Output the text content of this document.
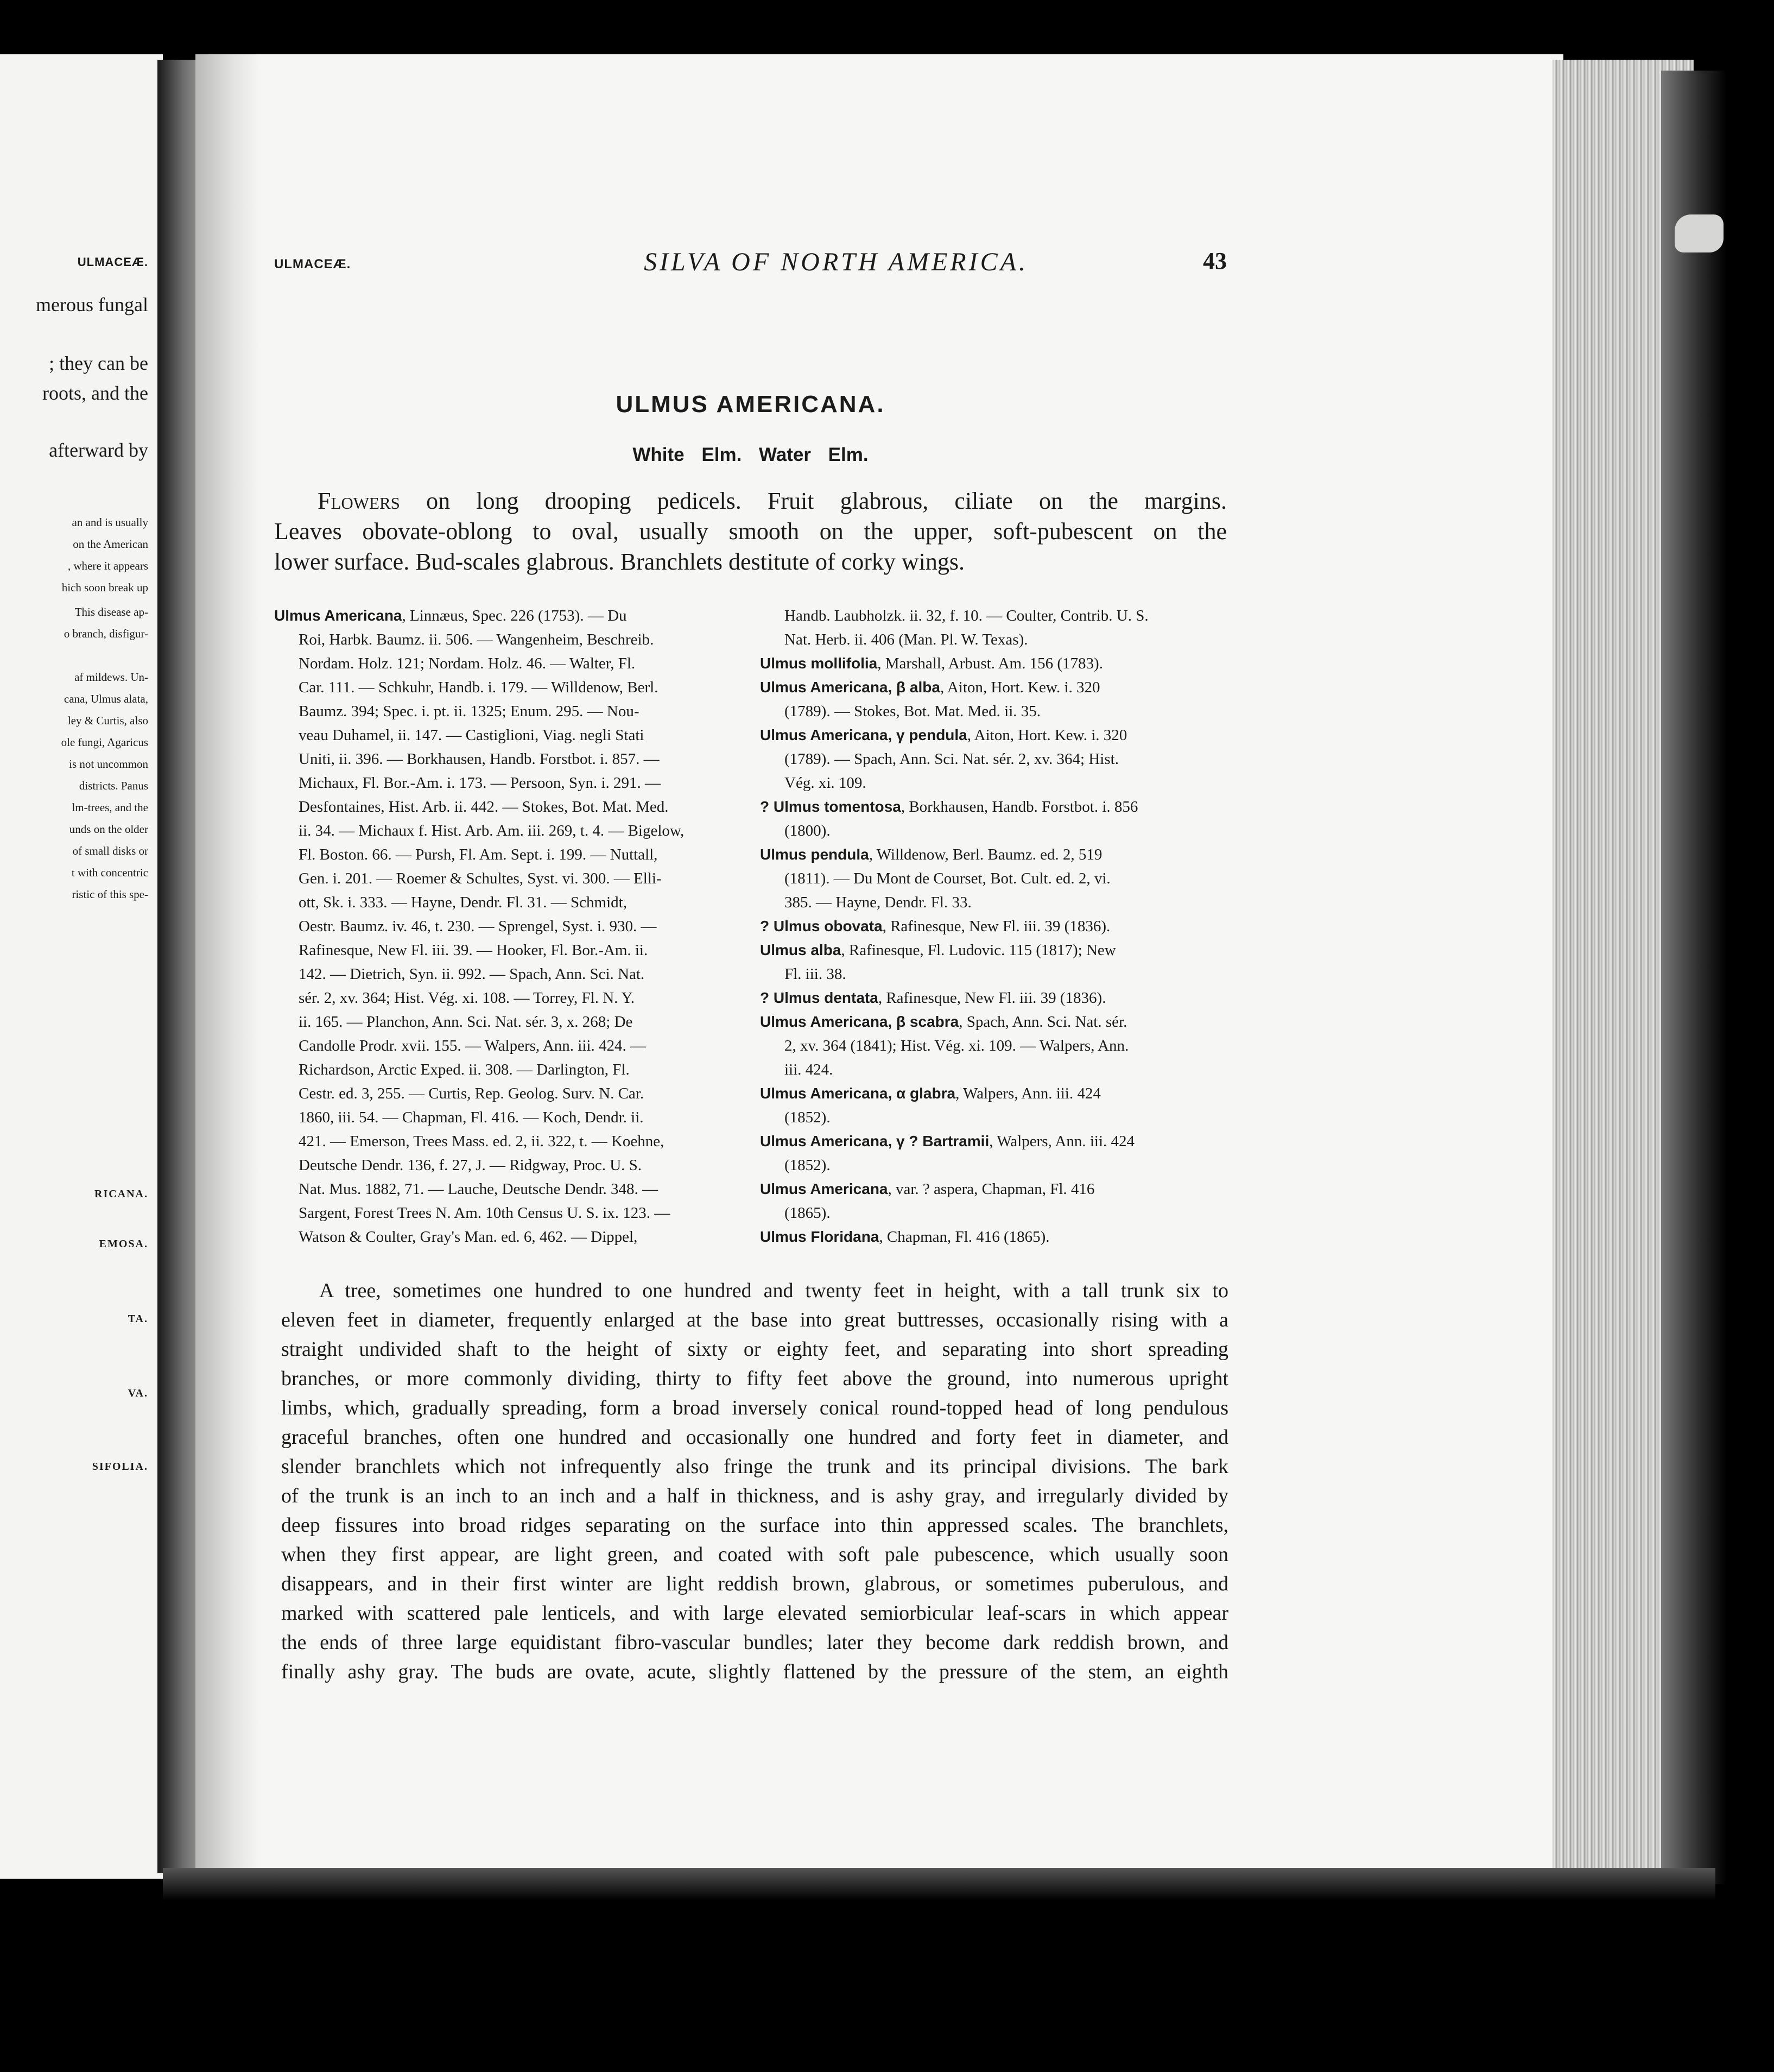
ULMACEÆ.
merous fungal
; they can be
roots, and the
afterward by
an and is usually
on the American
, where it appears
hich soon break up
This disease ap-
o branch, disfigur-
af mildews. Un-
cana, Ulmus alata,
ley & Curtis, also
ole fungi, Agaricus
is not uncommon
districts. Panus
lm-trees, and the
unds on the older
of small disks or
t with concentric
ristic of this spe-
RICANA.
EMOSA.
TA.
VA.
SIFOLIA.
ULMACEÆ.	SILVA OF NORTH AMERICA.	43
ULMUS AMERICANA.
White Elm. Water Elm.
Flowers on long drooping pedicels. Fruit glabrous, ciliate on the margins.
Leaves obovate-oblong to oval, usually smooth on the upper, soft-pubescent on the
lower surface. Bud-scales glabrous. Branchlets destitute of corky wings.
Ulmus Americana, Linnæus, Spec. 226 (1753). — Du
Roi, Harbk. Baumz. ii. 506. — Wangenheim, Beschreib.
Nordam. Holz. 121; Nordam. Holz. 46. — Walter, Fl.
Car. 111. — Schkuhr, Handb. i. 179. — Willdenow, Berl.
Baumz. 394; Spec. i. pt. ii. 1325; Enum. 295. — Nou-
veau Duhamel, ii. 147. — Castiglioni, Viag. negli Stati
Uniti, ii. 396. — Borkhausen, Handb. Forstbot. i. 857. —
Michaux, Fl. Bor.-Am. i. 173. — Persoon, Syn. i. 291. —
Desfontaines, Hist. Arb. ii. 442. — Stokes, Bot. Mat. Med.
ii. 34. — Michaux f. Hist. Arb. Am. iii. 269, t. 4. — Bigelow,
Fl. Boston. 66. — Pursh, Fl. Am. Sept. i. 199. — Nuttall,
Gen. i. 201. — Roemer & Schultes, Syst. vi. 300. — Elli-
ott, Sk. i. 333. — Hayne, Dendr. Fl. 31. — Schmidt,
Oestr. Baumz. iv. 46, t. 230. — Sprengel, Syst. i. 930. —
Rafinesque, New Fl. iii. 39. — Hooker, Fl. Bor.-Am. ii.
142. — Dietrich, Syn. ii. 992. — Spach, Ann. Sci. Nat.
sér. 2, xv. 364; Hist. Vég. xi. 108. — Torrey, Fl. N. Y.
ii. 165. — Planchon, Ann. Sci. Nat. sér. 3, x. 268; De
Candolle Prodr. xvii. 155. — Walpers, Ann. iii. 424. —
Richardson, Arctic Exped. ii. 308. — Darlington, Fl.
Cestr. ed. 3, 255. — Curtis, Rep. Geolog. Surv. N. Car.
1860, iii. 54. — Chapman, Fl. 416. — Koch, Dendr. ii.
421. — Emerson, Trees Mass. ed. 2, ii. 322, t. — Koehne,
Deutsche Dendr. 136, f. 27, J. — Ridgway, Proc. U. S.
Nat. Mus. 1882, 71. — Lauche, Deutsche Dendr. 348. —
Sargent, Forest Trees N. Am. 10th Census U. S. ix. 123. —
Watson & Coulter, Gray's Man. ed. 6, 462. — Dippel,
Handb. Laubholzk. ii. 32, f. 10. — Coulter, Contrib. U. S.
Nat. Herb. ii. 406 (Man. Pl. W. Texas).
Ulmus mollifolia, Marshall, Arbust. Am. 156 (1783).
Ulmus Americana, β alba, Aiton, Hort. Kew. i. 320
(1789). — Stokes, Bot. Mat. Med. ii. 35.
Ulmus Americana, γ pendula, Aiton, Hort. Kew. i. 320
(1789). — Spach, Ann. Sci. Nat. sér. 2, xv. 364; Hist.
Vég. xi. 109.
? Ulmus tomentosa, Borkhausen, Handb. Forstbot. i. 856
(1800).
Ulmus pendula, Willdenow, Berl. Baumz. ed. 2, 519
(1811). — Du Mont de Courset, Bot. Cult. ed. 2, vi.
385. — Hayne, Dendr. Fl. 33.
? Ulmus obovata, Rafinesque, New Fl. iii. 39 (1836).
Ulmus alba, Rafinesque, Fl. Ludovic. 115 (1817); New
Fl. iii. 38.
? Ulmus dentata, Rafinesque, New Fl. iii. 39 (1836).
Ulmus Americana, β scabra, Spach, Ann. Sci. Nat. sér.
2, xv. 364 (1841); Hist. Vég. xi. 109. — Walpers, Ann.
iii. 424.
Ulmus Americana, α glabra, Walpers, Ann. iii. 424
(1852).
Ulmus Americana, γ ? Bartramii, Walpers, Ann. iii. 424
(1852).
Ulmus Americana, var. ? aspera, Chapman, Fl. 416
(1865).
Ulmus Floridana, Chapman, Fl. 416 (1865).
A tree, sometimes one hundred to one hundred and twenty feet in height, with a tall trunk six to
eleven feet in diameter, frequently enlarged at the base into great buttresses, occasionally rising with a
straight undivided shaft to the height of sixty or eighty feet, and separating into short spreading
branches, or more commonly dividing, thirty to fifty feet above the ground, into numerous upright
limbs, which, gradually spreading, form a broad inversely conical round-topped head of long pendulous
graceful branches, often one hundred and occasionally one hundred and forty feet in diameter, and
slender branchlets which not infrequently also fringe the trunk and its principal divisions. The bark
of the trunk is an inch to an inch and a half in thickness, and is ashy gray, and irregularly divided by
deep fissures into broad ridges separating on the surface into thin appressed scales. The branchlets,
when they first appear, are light green, and coated with soft pale pubescence, which usually soon
disappears, and in their first winter are light reddish brown, glabrous, or sometimes puberulous, and
marked with scattered pale lenticels, and with large elevated semiorbicular leaf-scars in which appear
the ends of three large equidistant fibro-vascular bundles; later they become dark reddish brown, and
finally ashy gray. The buds are ovate, acute, slightly flattened by the pressure of the stem, an eighth
